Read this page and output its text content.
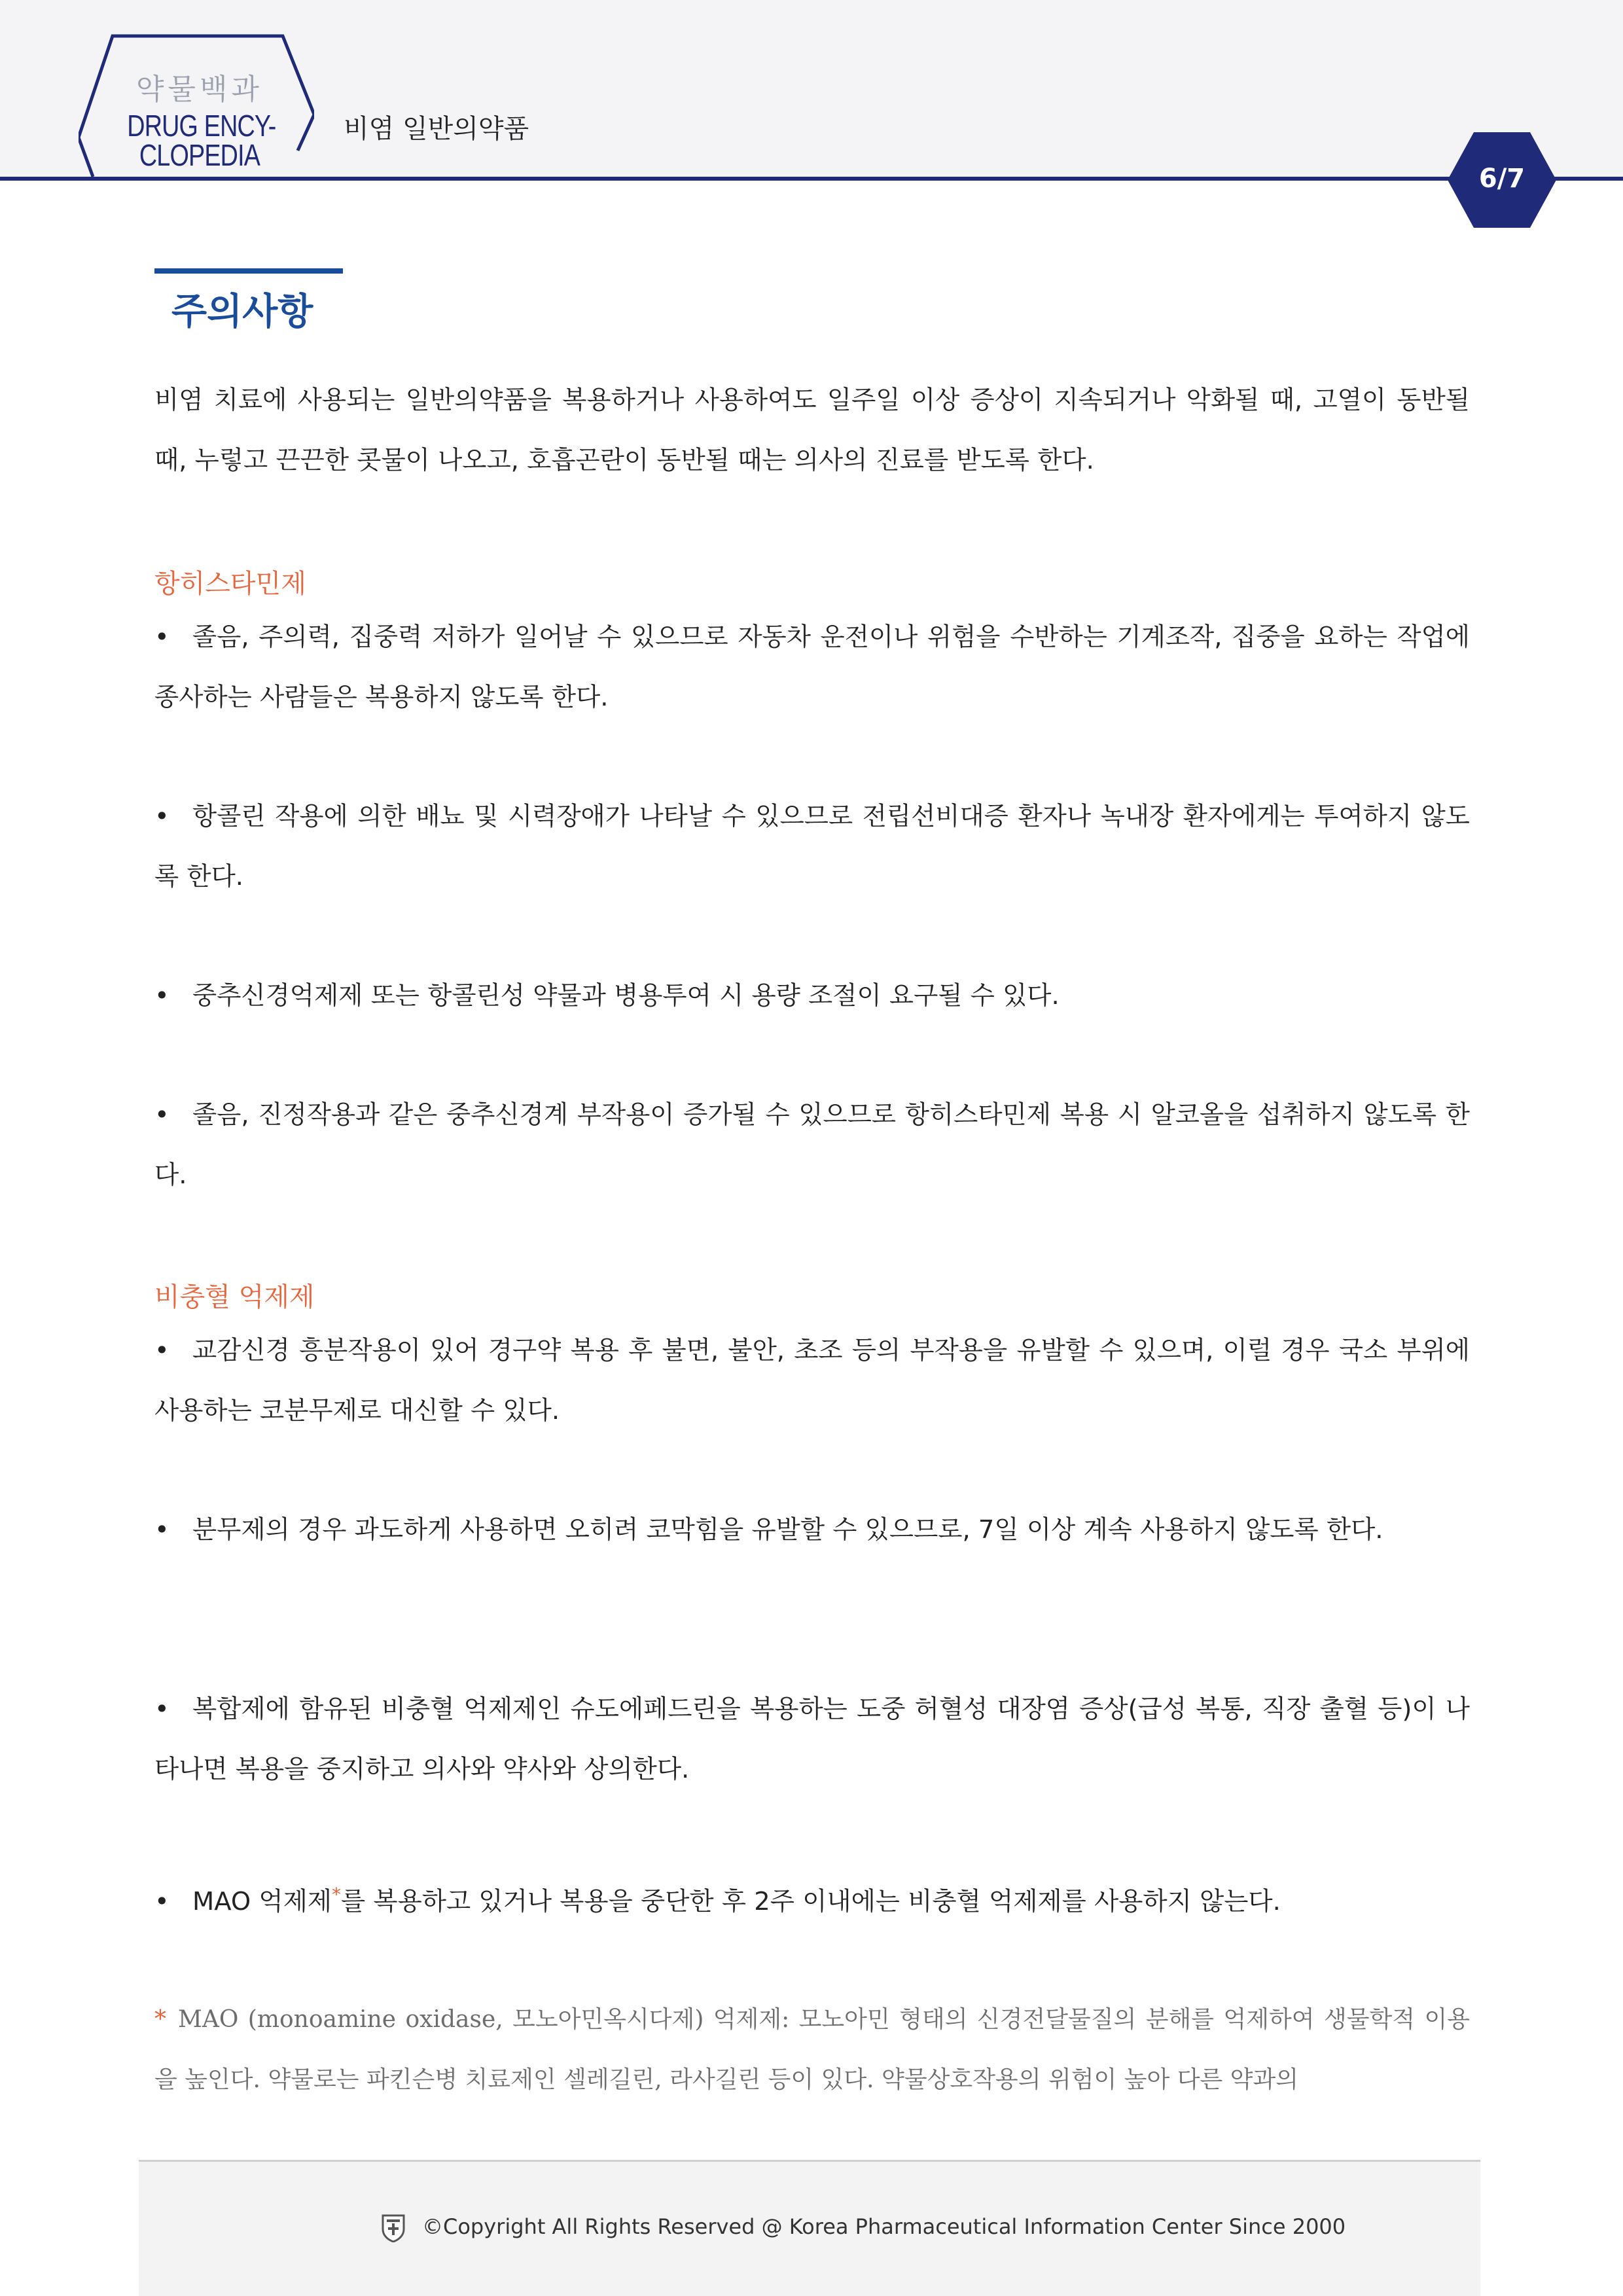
약물백과
DRUG ENCY-
CLOPEDIA
비염 일반의약품
6/7
주의사항

비염 치료에 사용되는 일반의약품을 복용하거나 사용하여도 일주일 이상 증상이 지속되거나 악화될 때, 고열이 동반될 때, 누렇고 끈끈한 콧물이 나오고, 호흡곤란이 동반될 때는 의사의 진료를 받도록 한다.

항히스타민제

• 졸음, 주의력, 집중력 저하가 일어날 수 있으므로 자동차 운전이나 위험을 수반하는 기계조작, 집중을 요하는 작업에 종사하는 사람들은 복용하지 않도록 한다.

• 항콜린 작용에 의한 배뇨 및 시력장애가 나타날 수 있으므로 전립선비대증 환자나 녹내장 환자에게는 투여하지 않도록 한다.

• 중추신경억제제 또는 항콜린성 약물과 병용투여 시 용량 조절이 요구될 수 있다.

• 졸음, 진정작용과 같은 중추신경계 부작용이 증가될 수 있으므로 항히스타민제 복용 시 알코올을 섭취하지 않도록 한다.

비충혈 억제제

• 교감신경 흥분작용이 있어 경구약 복용 후 불면, 불안, 초조 등의 부작용을 유발할 수 있으며, 이럴 경우 국소 부위에 사용하는 코분무제로 대신할 수 있다.

• 분무제의 경우 과도하게 사용하면 오히려 코막힘을 유발할 수 있으므로, 7일 이상 계속 사용하지 않도록 한다.

• 복합제에 함유된 비충혈 억제제인 슈도에페드린을 복용하는 도중 허혈성 대장염 증상(급성 복통, 직장 출혈 등)이 나타나면 복용을 중지하고 의사와 약사와 상의한다.

• MAO 억제제*를 복용하고 있거나 복용을 중단한 후 2주 이내에는 비충혈 억제제를 사용하지 않는다.

* MAO (monoamine oxidase, 모노아민옥시다제) 억제제: 모노아민 형태의 신경전달물질의 분해를 억제하여 생물학적 이용을 높인다. 약물로는 파킨슨병 치료제인 셀레길린, 라사길린 등이 있다. 약물상호작용의 위험이 높아 다른 약과의

©Copyright All Rights Reserved @ Korea Pharmaceutical Information Center Since 2000
